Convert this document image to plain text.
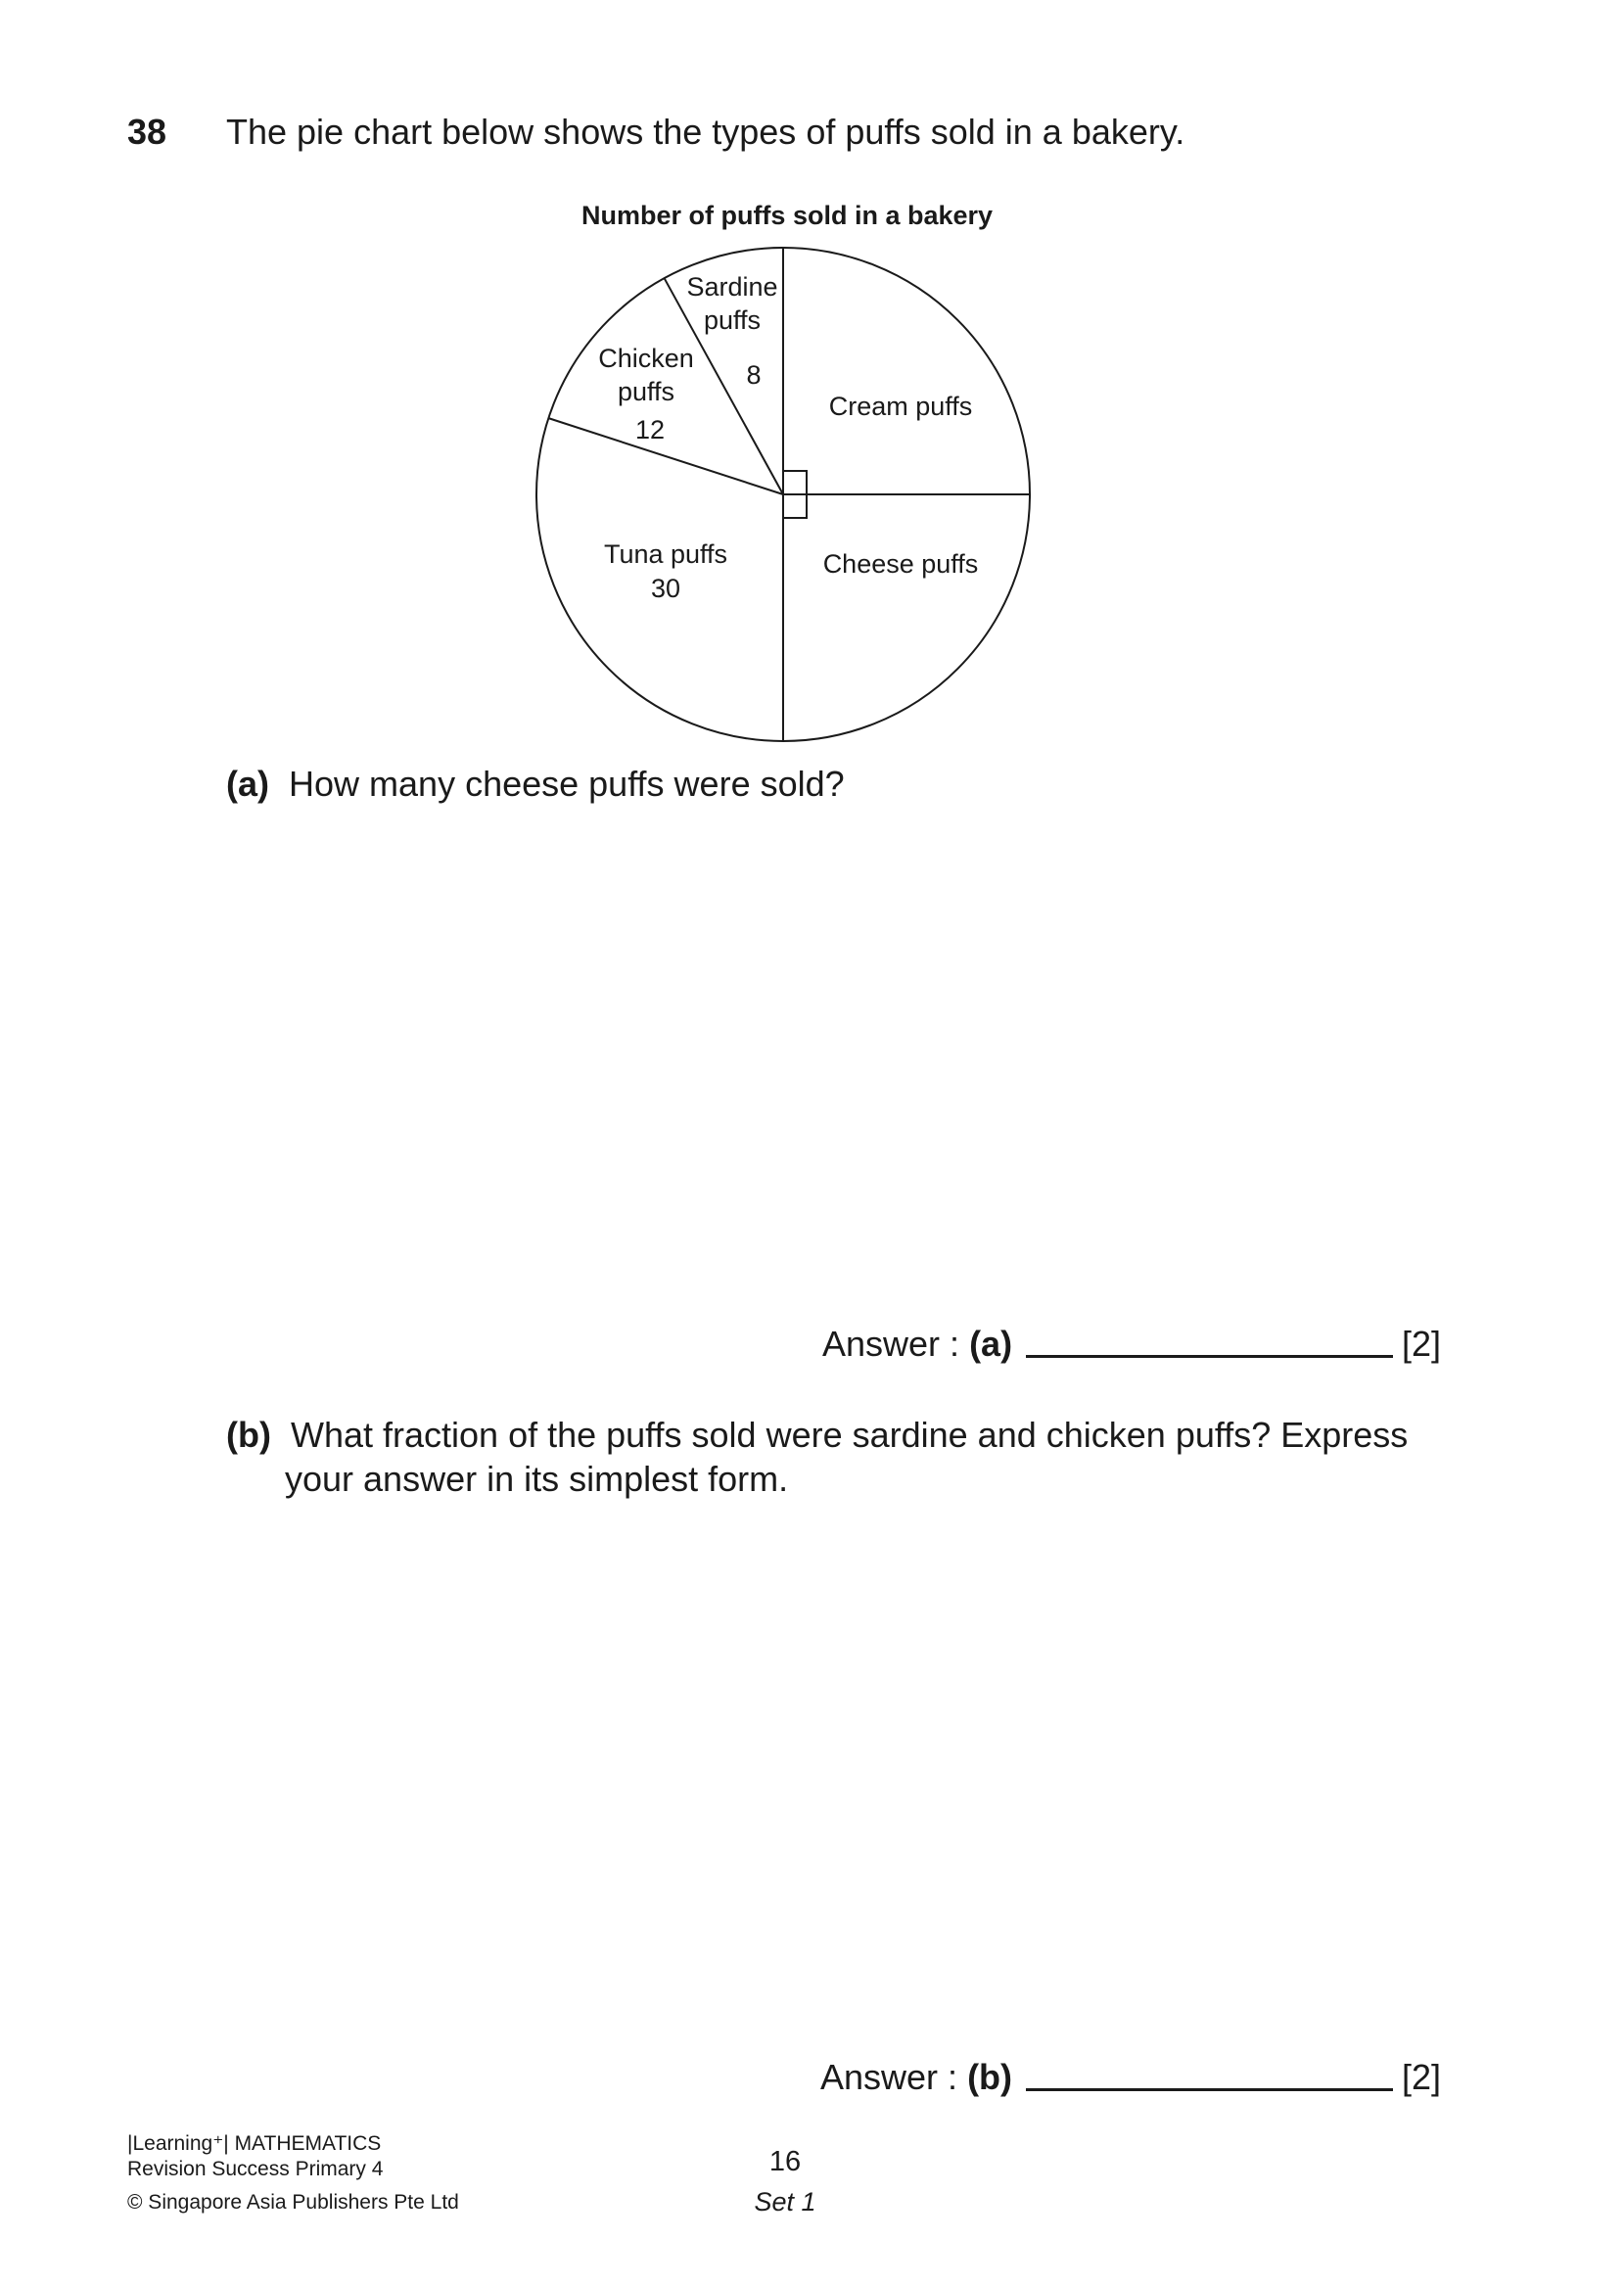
38 The pie chart below shows the types of puffs sold in a bakery.
Number of puffs sold in a bakery
Sardine
puffs
8
Chicken
puffs
12
Tuna puffs
30
Cheese puffs
Cream puffs
(a) How many cheese puffs were sold?
Answer : (a)	[2]
(b) What fraction of the puffs sold were sardine and chicken puffs? Express
your answer in its simplest form.
Answer : (b)	[2]
|Learning⁺| MATHEMATICS
Revision Success Primary 4
© Singapore Asia Publishers Pte Ltd
16
Set 1
